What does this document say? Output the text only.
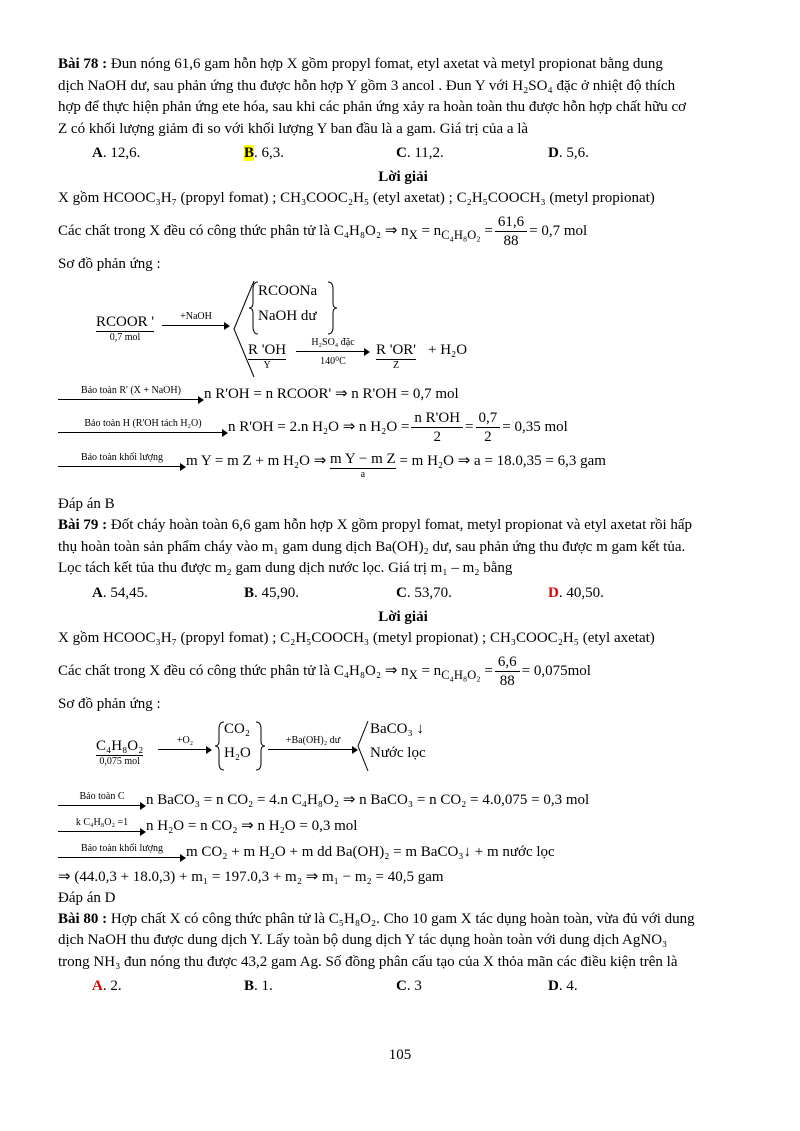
Bài 78 : Đun nóng 61,6 gam hỗn hợp X gồm propyl fomat, etyl axetat và metyl propionat bằng dung
dịch NaOH dư, sau phản ứng thu được hỗn hợp Y gồm 3 ancol . Đun Y với H₂SO₄ đặc ở nhiệt độ thích
hợp để thực hiện phản ứng ete hóa, sau khi các phản ứng xảy ra hoàn toàn thu được hỗn hợp chất hữu cơ
Z có khối lượng giảm đi so với khối lượng Y ban đầu là a gam. Giá trị của a là

A. 12,6.	B. 6,3.	C. 11,2.	D. 5,6.
Lời giải

X gồm HCOOC₃H₇ (propyl fomat) ; CH₃COOC₂H₅ (etyl axetat) ; C₂H₅COOCH₃ (metyl propionat)

Các chất trong X đều có công thức phân tử là C₄H₈O₂ ⇒ $n_X = n_{C_4H_8O_2} = \frac{61,6}{88} = 0,7$ mol

Sơ đồ phản ứng :

RCOOR '
0,7 mol
+NaOH
RCOONa
NaOH dư
R 'OH
Y
H₂SO₄ đặc
140⁰C
R 'OR'
Z
+ H₂O

Bảo toàn R' (X + NaOH)	n R'OH = n RCOOR' ⇒ n R'OH = 0,7 mol

Bảo toàn H (R'OH tách H₂O)	n R'OH = 2.n H₂O ⇒ n $H_2O = \frac{\text{n R'OH}}{2} = \frac{0,7}{2} = 0,35$ mol

Bảo toàn khối lượng	m Y = m Z + m H₂O ⇒ m Y − m Z
a
= m H₂O ⇒ a = 18.0,35 = 6,3 gam

Đáp án B

Bài 79 : Đốt cháy hoàn toàn 6,6 gam hỗn hợp X gồm propyl fomat, metyl propionat và etyl axetat rồi hấp
thụ hoàn toàn sản phẩm cháy vào m₁ gam dung dịch Ba(OH)₂ dư, sau phản ứng thu được m gam kết tủa.
Lọc tách kết tủa thu được m₂ gam dung dịch nước lọc. Giá trị m₁ – m₂ bằng

A. 54,45.	B. 45,90.	C. 53,70.	D. 40,50.
Lời giải

X gồm HCOOC₃H₇ (propyl fomat) ; C₂H₅COOCH₃ (metyl propionat) ; CH₃COOC₂H₅ (etyl axetat)

Các chất trong X đều có công thức phân tử là C₄H₈O₂ ⇒ $n_X = n_{C_4H_8O_2} = \frac{6,6}{88} = 0,075mol$

Sơ đồ phản ứng :

C₄H₈O₂
0,075 mol
+O₂
CO₂
H₂O
+Ba(OH)₂ dư
BaCO₃ ↓
Nước lọc

Bảo toàn C	n BaCO₃ = n CO₂ = 4.n C₄H₈O₂ ⇒ n BaCO₃ = n CO₂ = 4.0,075 = 0,3 mol

k C₄H₈O₂ =1	n H₂O = n CO₂ ⇒ n H₂O = 0,3 mol

Bảo toàn khối lượng	m CO₂ + m H₂O + m dd Ba(OH)₂ = m BaCO₃↓ + m nước lọc

⇒ (44.0,3 + 18.0,3) + m₁ = 197.0,3 + m₂ ⇒ m₁ − m₂ = 40,5 gam

Đáp án D

Bài 80 : Hợp chất X có công thức phân tử là C₅H₈O₂. Cho 10 gam X tác dụng hoàn toàn, vừa đủ với dung
dịch NaOH thu được dung dịch Y. Lấy toàn bộ dung dịch Y tác dụng hoàn toàn với dung dịch AgNO₃
trong NH₃ đun nóng thu được 43,2 gam Ag. Số đồng phân cấu tạo của X thỏa mãn các điều kiện trên là

A. 2.	B. 1.	C. 3	D. 4.
105
